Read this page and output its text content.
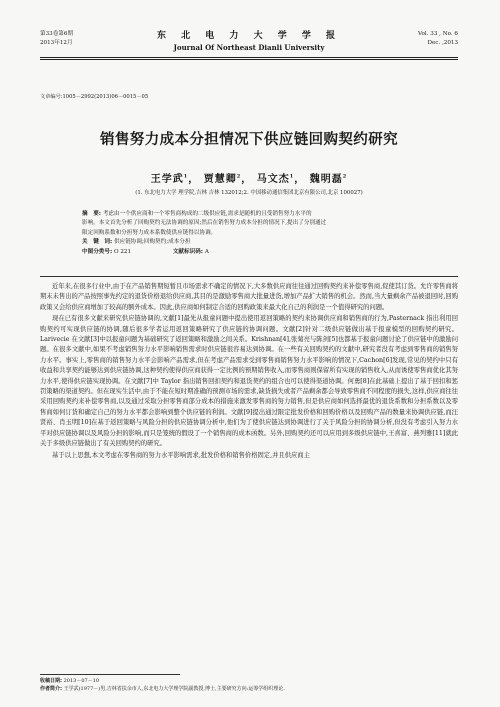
第33卷第6期
2013年12月
东 北 电 力 大 学 学 报
Journal Of Northeast Dianli University
Vol. 33 , No. 6
Dec. ,2013
文章编号:1005－2992(2013)06－0015－05
销售努力成本分担情况下供应链回购契约研究
王学武$^1$， 贾慧卿$^2$， 马文杰$^1$， 魏明磊$^2$
(1. 东北电力大学 理学院,吉林 吉林 132012;2. 中国移动通信集团北京有限公司,北京 100027)
摘　要: 考虑由一个供应商和一个零售商构成的二级供应链,需求是随机的且受销售努力水平的
影响。本文首先分析了回购契约无法协调的原因;然后在销售努力成本分担的情况下,提出了分别通过
限定回购系数和分担努力成本系数使供应链得以协调。
关　键　词: 供应链协调;回购契约;成本分担
中图分类号: O 221	文献标识码: A

近年来,在很多行业中,由于在产品销售期短暂且市场需求不确定的情况下,大多数供应商往往通过回购契约来补偿零售商,促使其订货。允许零售商将期末未售出的产品按照事先约定的退货价格退给供应商,其目的是激励零售商大批量进货,增加产品扩大销售的机会。然而,当大量剩余产品被退回时,回购政策又会给供应商增加了较高的额外成本。因此,供应商如何制定合适的回购政策来最大化自己的利润是一个值得研究的问题。

现在已有很多文献来研究供应链协调的,文献[1]最先从报童问题中提出使用返回策略的契约来协调供应商和销售商的行为,Pasternack 指出利用回购契约可实现供应链的协调,随后很多学者运用返回策略研究了供应链的协调问题。文献[2]针对二级供应链做出基于报童模型的回购契约研究。Larivecie 在文献[3]中以报童问题为基础研究了返回策略和激励之间关系。Krishnan[4],张菊亮与陈剑[5]也都基于报童问题讨论了供应链中的激励问题。在很多文献中,如果不考虑销售努力水平影响销售需求时供应链很容易达到协调。在一些有关回购契约的文献中,研究者没有考虑到零售商的销售努力水平。事实上,零售商的销售努力水平会影响产品需求,但在考虑产品需求受到零售商销售努力水平影响的情况下,Cachon[6]发现,常见的契约中只有收益和共享契约能够达到供应链协调,这种契约使得供应商获得一定比例的预期销售收入,而零售商则保留所有实现的销售收入,从而诱使零售商优化其努力水平,使得供应链实现协调。在文献[7]中 Taylor 指出销售回扣契约和退货契约的组合也可以使得渠道协调。何勇[8]在此基础上提出了基于回扣和惩罚策略的渠道契约。但在现实生活中,由于不能在短时期准确的预测市场的需求,缺货损失或者产品剩余都会导致零售商不同程度的损失,这样,供应商往往采用回购契约来补偿零售商,以及通过采取分担零售商部分成本的措施来激发零售商的努力销售,但是供应商如何选择最优的退货系数和分担系数以及零售商如何订货和确定自己的努力水平都会影响到整个供应链的利润。文献[9]提出通过限定批发价格和回购价格以及回购产品的数量来协调供应链,而汪贤裕、肖玉明[10]在基于返回策略与风险分担的供应链协调分析中,他们为了使供应链达到协调进行了关于风险分担的协调分析,但没有考虑引入努力水平对供应链协调以及风险分担的影响,而只是笼统的假设了一个销售商的成本函数。另外,回购契约还可以应用到多级供应链中,王喜富、燕列雅[11]就此关于多级供应链做出了有关回购契约的研究。

基于以上思想,本文考虑在零售商的努力水平影响需求,批发价格和销售价格固定,并且供应商主

收稿日期: 2013－07－10
作者简介: 王学武(1977－)男,吉林省扶余市人,东北电力大学理学院副教授,博士,主要研究方向:运筹学组织理论.
